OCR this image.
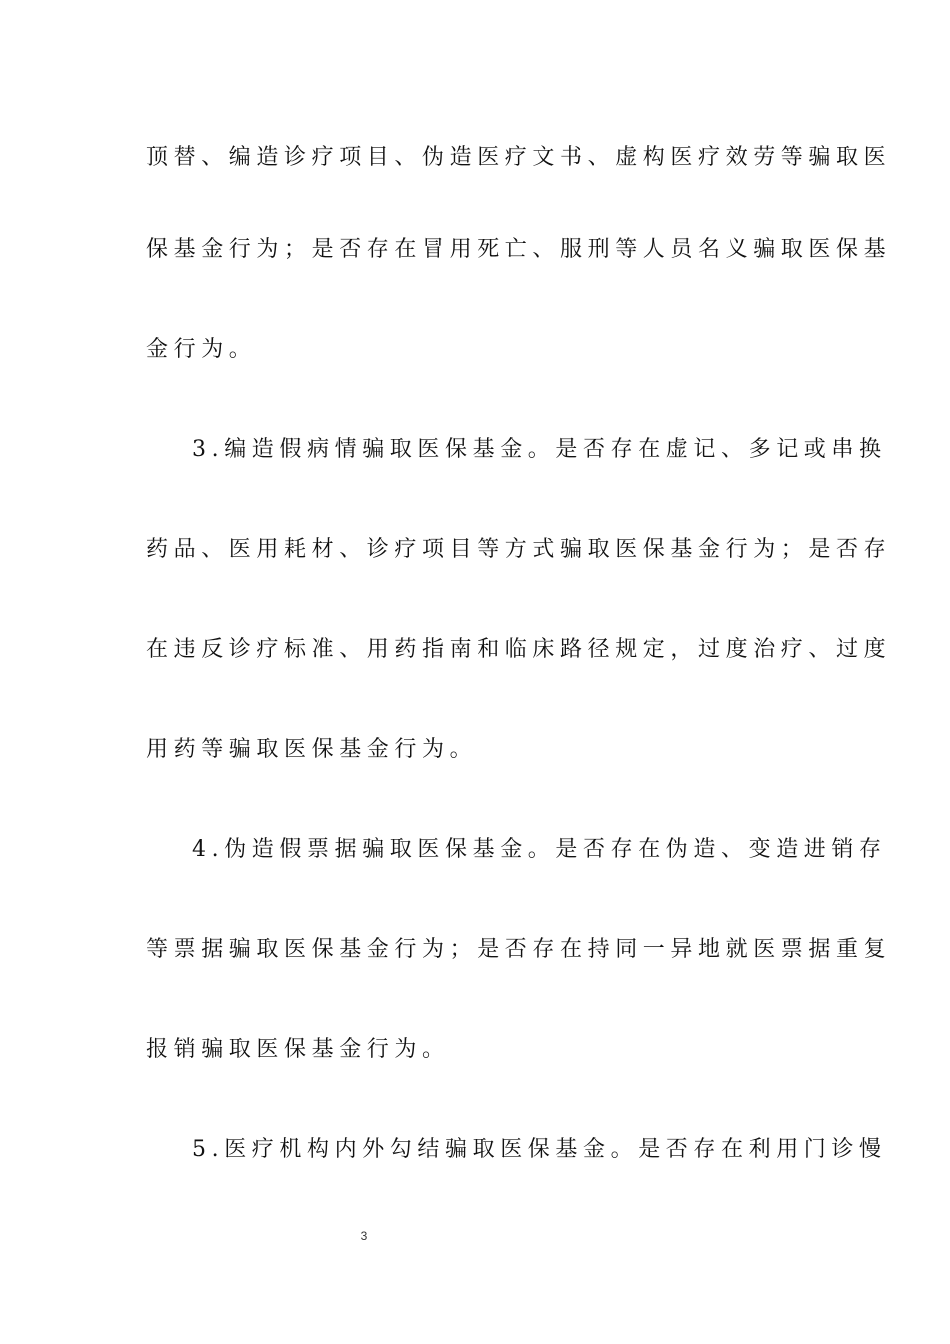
顶替、编造诊疗项目、伪造医疗文书、虚构医疗效劳等骗取医
保基金行为；是否存在冒用死亡、服刑等人员名义骗取医保基
金行为。
3.编造假病情骗取医保基金。是否存在虚记、多记或串换
药品、医用耗材、诊疗项目等方式骗取医保基金行为；是否存
在违反诊疗标准、用药指南和临床路径规定，过度治疗、过度
用药等骗取医保基金行为。
4.伪造假票据骗取医保基金。是否存在伪造、变造进销存
等票据骗取医保基金行为；是否存在持同一异地就医票据重复
报销骗取医保基金行为。
5.医疗机构内外勾结骗取医保基金。是否存在利用门诊慢
3
